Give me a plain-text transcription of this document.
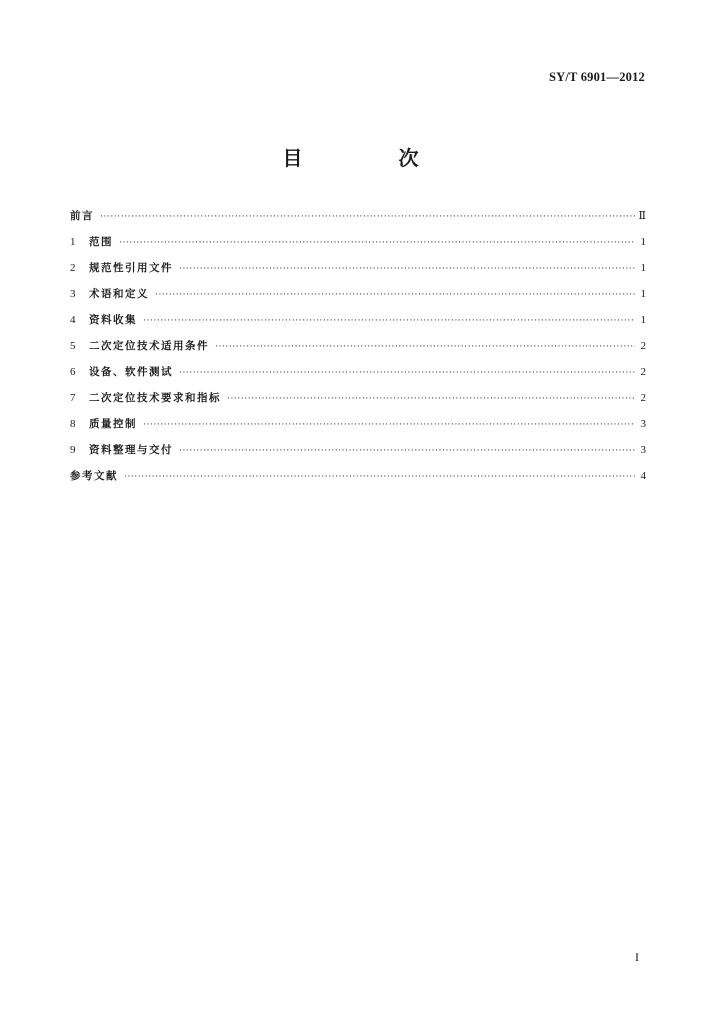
SY/T 6901—2012
目　次
前言 ·····	Ⅱ
1	范围 ·····	1
2	规范性引用文件 ·····	1
3	术语和定义 ·····	1
4	资料收集 ·····	1
5	二次定位技术适用条件 ·····	2
6	设备、软件测试 ·····	2
7	二次定位技术要求和指标 ·····	2
8	质量控制 ·····	3
9	资料整理与交付 ·····	3
参考文献 ·····	4
I
